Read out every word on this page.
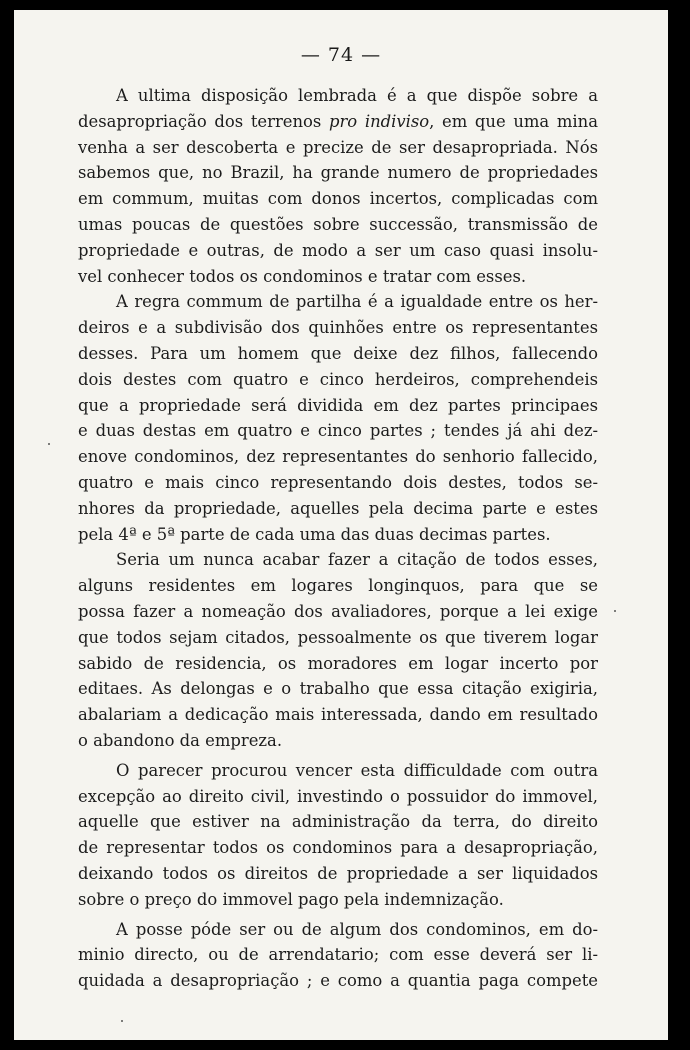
— 74 —
A ultima disposição lembrada é a que dispõe sobre a
desapropriação dos terrenos pro indiviso, em que uma mina
venha a ser descoberta e precize de ser desapropriada. Nós
sabemos que, no Brazil, ha grande numero de propriedades
em commum, muitas com donos incertos, complicadas com
umas poucas de questões sobre successão, transmissão de
propriedade e outras, de modo a ser um caso quasi insolu-
vel conhecer todos os condominos e tratar com esses.
A regra commum de partilha é a igualdade entre os her-
deiros e a subdivisão dos quinhões entre os representantes
desses. Para um homem que deixe dez filhos, fallecendo
dois destes com quatro e cinco herdeiros, comprehendeis
que a propriedade será dividida em dez partes principaes
e duas destas em quatro e cinco partes ; tendes já ahi dez-
enove condominos, dez representantes do senhorio fallecido,
quatro e mais cinco representando dois destes, todos se-
nhores da propriedade, aquelles pela decima parte e estes
pela 4ª e 5ª parte de cada uma das duas decimas partes.
Seria um nunca acabar fazer a citação de todos esses,
alguns residentes em logares longinquos, para que se
possa fazer a nomeação dos avaliadores, porque a lei exige
que todos sejam citados, pessoalmente os que tiverem logar
sabido de residencia, os moradores em logar incerto por
editaes. As delongas e o trabalho que essa citação exigiria,
abalariam a dedicação mais interessada, dando em resultado
o abandono da empreza.
O parecer procurou vencer esta difficuldade com outra
excepção ao direito civil, investindo o possuidor do immovel,
aquelle que estiver na administração da terra, do direito
de representar todos os condominos para a desapropriação,
deixando todos os direitos de propriedade a ser liquidados
sobre o preço do immovel pago pela indemnização.
A posse póde ser ou de algum dos condominos, em do-
minio directo, ou de arrendatario; com esse deverá ser li-
quidada a desapropriação ; e como a quantia paga compete
